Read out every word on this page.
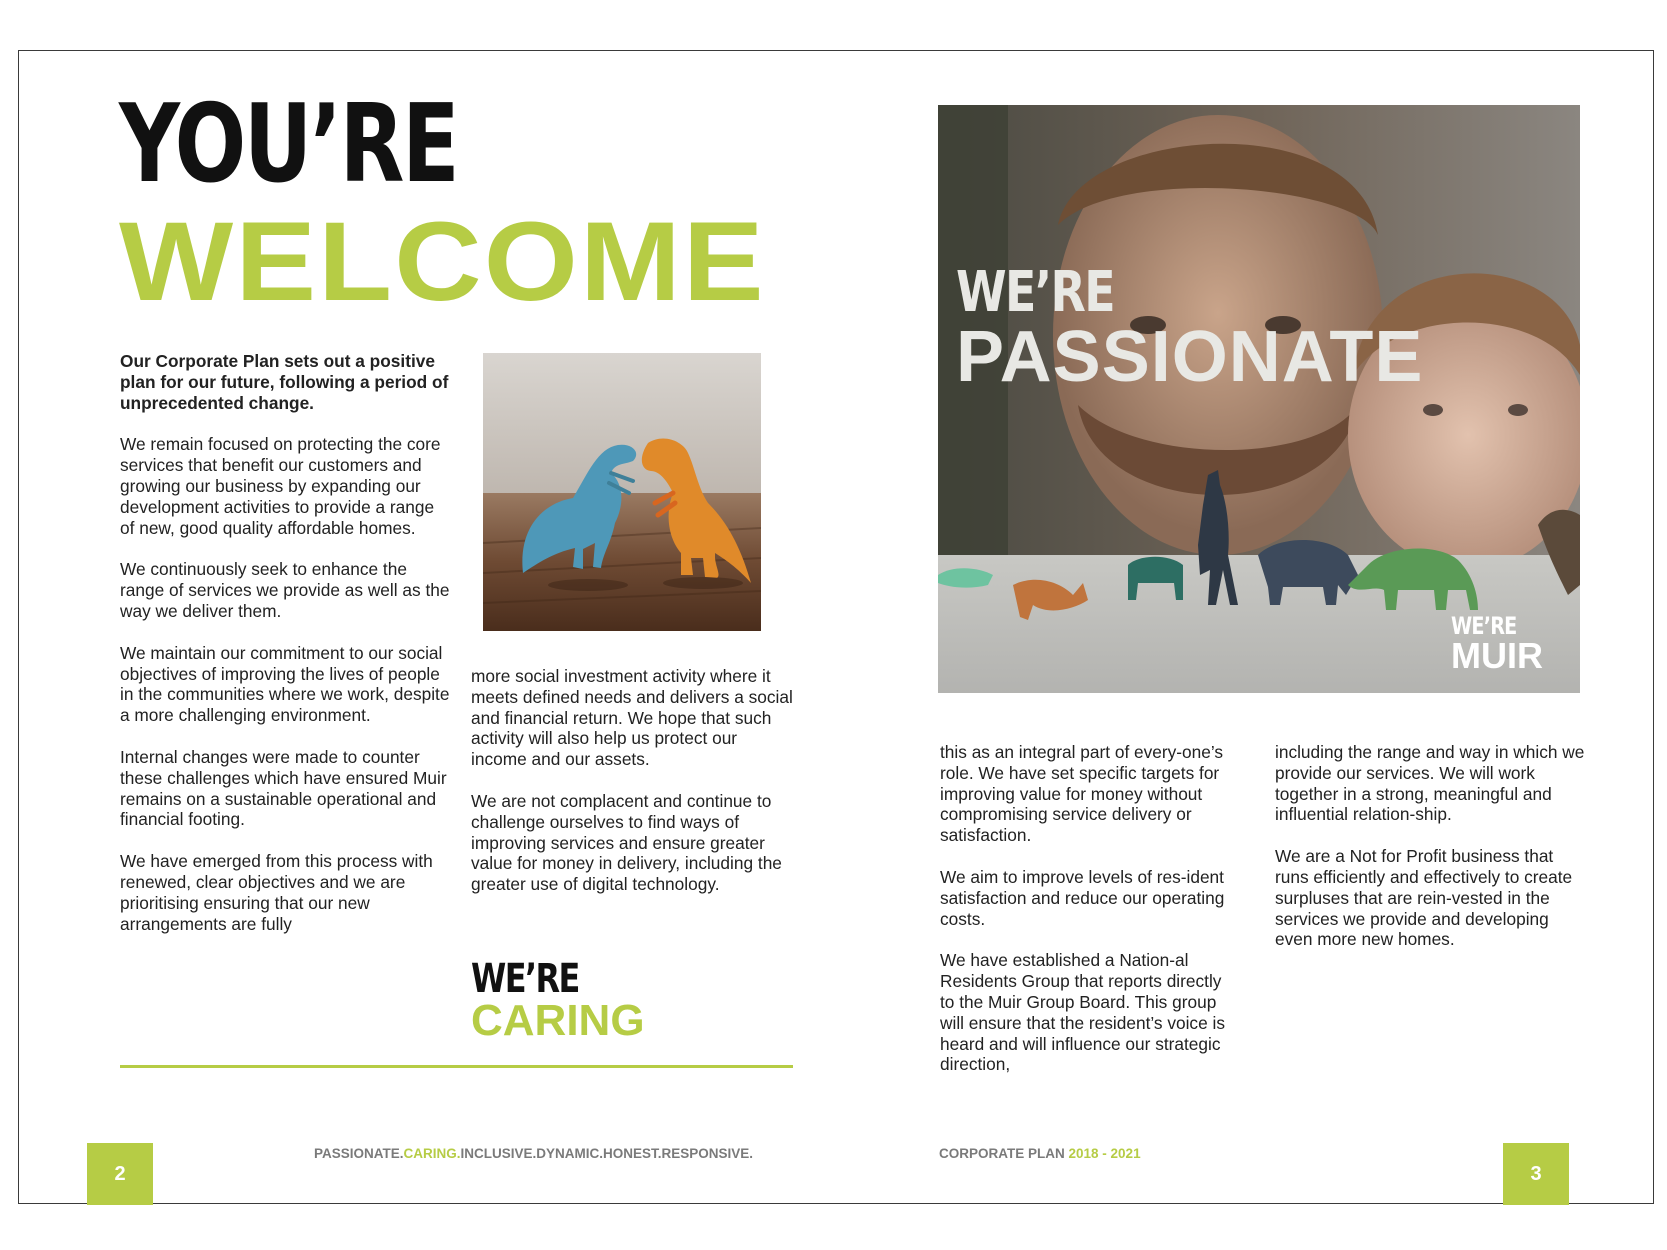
YOU’RE
WELCOME

Our Corporate Plan sets out a positive plan for our future, following a period of unprecedented change.

We remain focused on protecting the core services that benefit our customers and growing our business by expanding our development activities to provide a range of new, good quality affordable homes.

We continuously seek to enhance the range of services we provide as well as the way we deliver them.

We maintain our commitment to our social objectives of improving the lives of people in the communities where we work, despite a more challenging environment.

Internal changes were made to counter these challenges which have ensured Muir remains on a sustainable operational and financial footing.

We have emerged from this process with renewed, clear objectives and we are prioritising ensuring that our new arrangements are fully

more social investment activity where it meets defined needs and delivers a social and financial return. We hope that such activity will also help us protect our income and our assets.

We are not complacent and continue to challenge ourselves to find ways of improving services and ensure greater value for money in delivery, including the greater use of digital technology.

WE’RE
CARING
2
PASSIONATE.CARING.INCLUSIVE.DYNAMIC.HONEST.RESPONSIVE.
WE’RE
PASSIONATE
WE’RE
MUIR

this as an integral part of every-one’s role. We have set specific targets for improving value for money without compromising service delivery or satisfaction.

We aim to improve levels of res-ident satisfaction and reduce our operating costs.

We have established a Nation-al Residents Group that reports directly to the Muir Group Board. This group will ensure that the resident’s voice is heard and will influence our strategic direction,

including the range and way in which we provide our services. We will work together in a strong, meaningful and influential relation-ship.

We are a Not for Profit business that runs efficiently and effectively to create surpluses that are rein-vested in the services we provide and developing even more new homes.

CORPORATE PLAN 2018 - 2021
3
